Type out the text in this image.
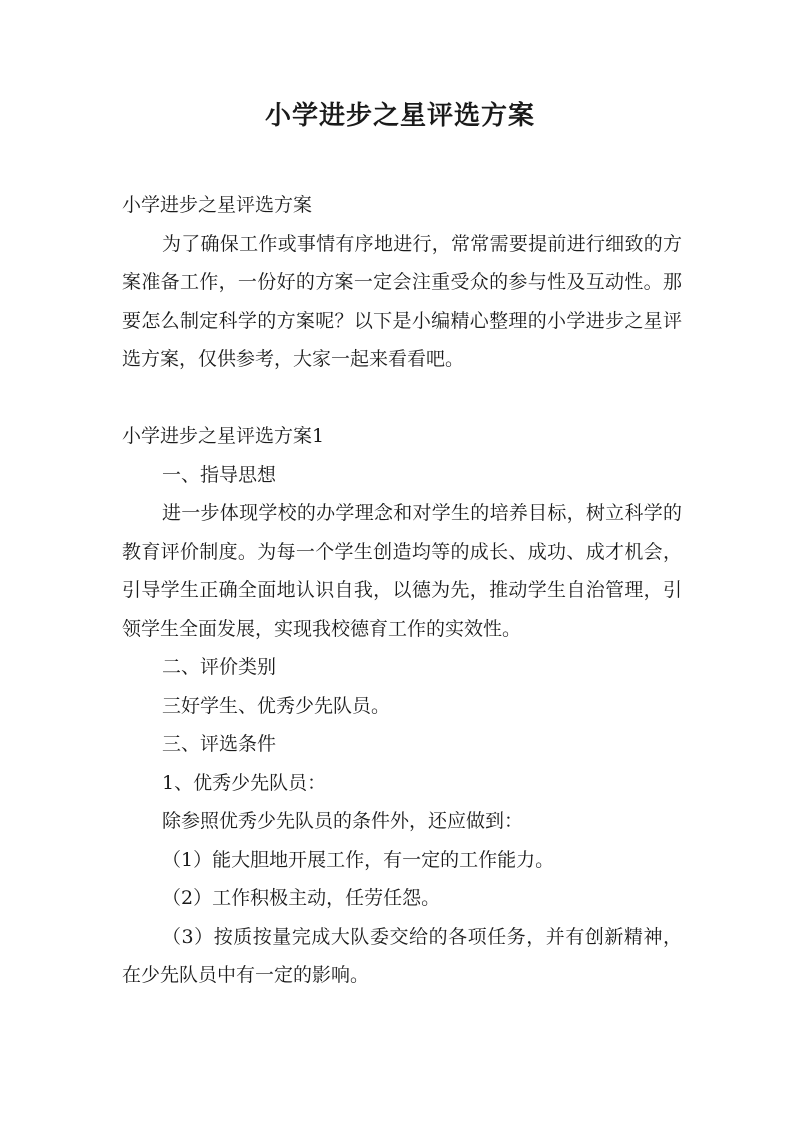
小学进步之星评选方案

小学进步之星评选方案

为了确保工作或事情有序地进行，常常需要提前进行细致的方案准备工作，一份好的方案一定会注重受众的参与性及互动性。那要怎么制定科学的方案呢？以下是小编精心整理的小学进步之星评选方案，仅供参考，大家一起来看看吧。

小学进步之星评选方案1

一、指导思想

进一步体现学校的办学理念和对学生的培养目标，树立科学的教育评价制度。为每一个学生创造均等的成长、成功、成才机会，引导学生正确全面地认识自我，以德为先，推动学生自治管理，引领学生全面发展，实现我校德育工作的实效性。

二、评价类别

三好学生、优秀少先队员。

三、评选条件

1、优秀少先队员：

除参照优秀少先队员的条件外，还应做到：

（1）能大胆地开展工作，有一定的工作能力。

（2）工作积极主动，任劳任怨。

（3）按质按量完成大队委交给的各项任务，并有创新精神，在少先队员中有一定的影响。
